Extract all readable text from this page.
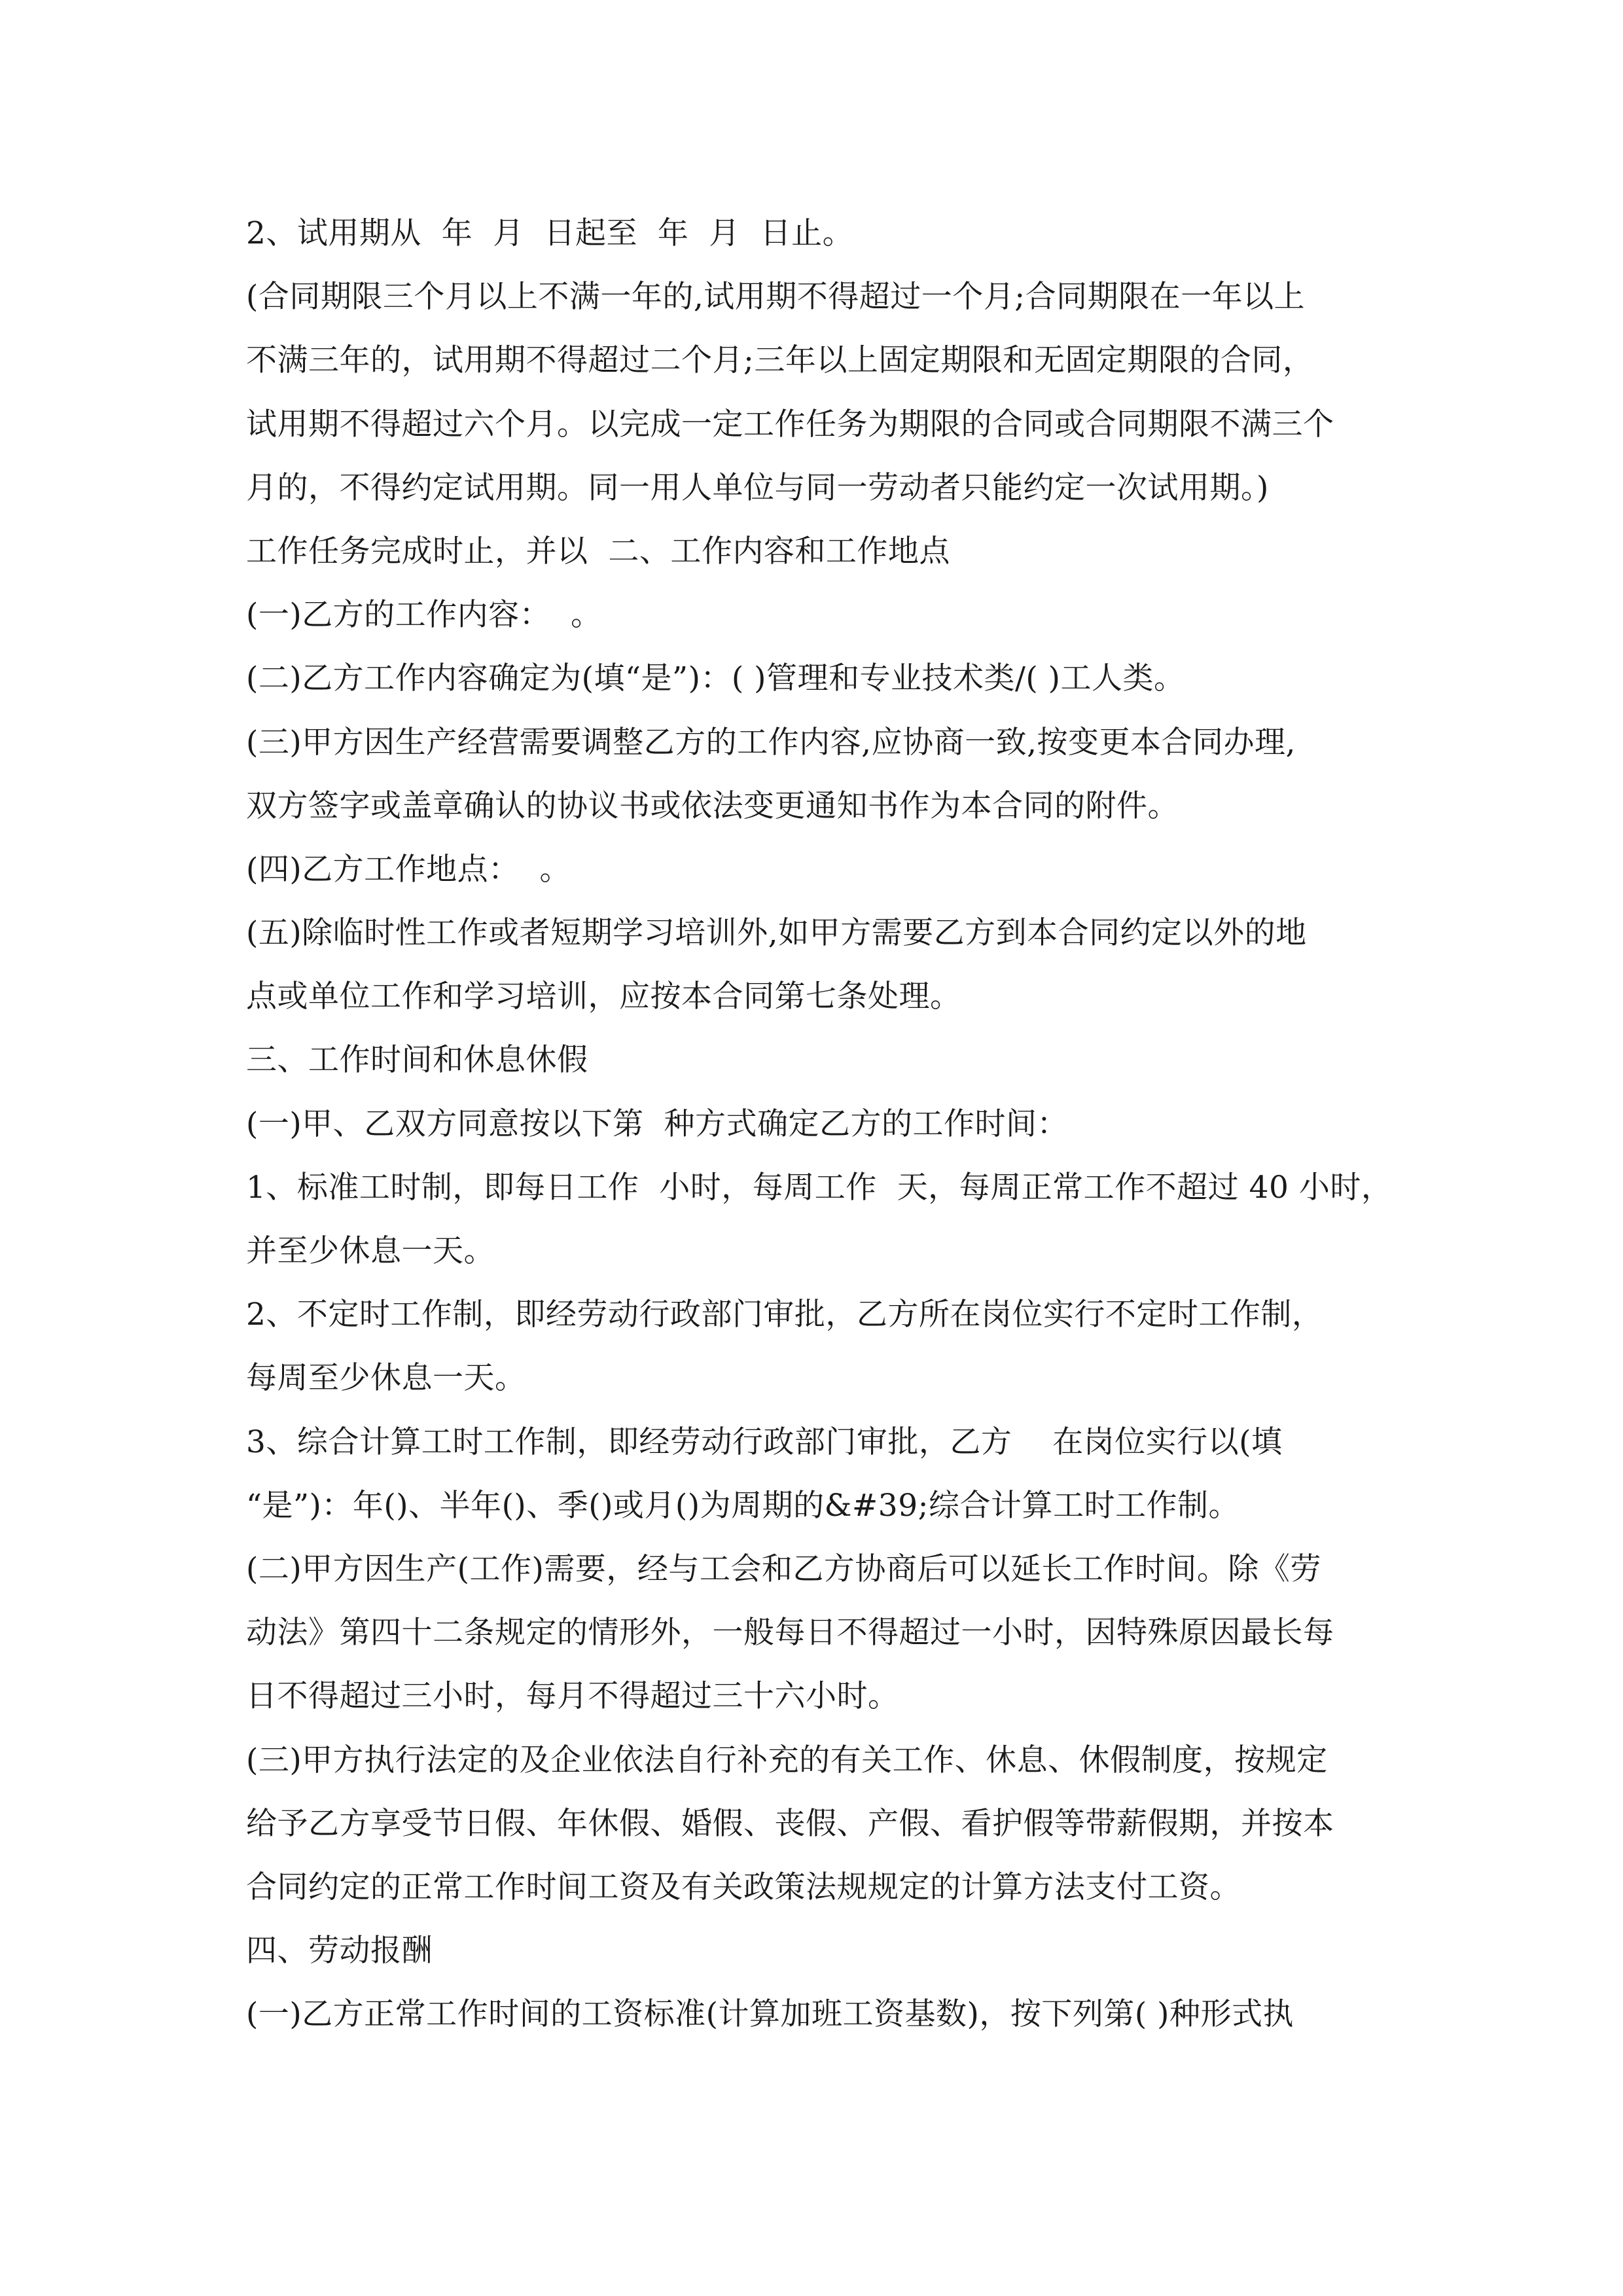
2、试用期从  年  月  日起至  年  月  日止。
(合同期限三个月以上不满一年的,试用期不得超过一个月;合同期限在一年以上
不满三年的，试用期不得超过二个月;三年以上固定期限和无固定期限的合同，
试用期不得超过六个月。以完成一定工作任务为期限的合同或合同期限不满三个
月的，不得约定试用期。同一用人单位与同一劳动者只能约定一次试用期。)
工作任务完成时止，并以  二、工作内容和工作地点
(一)乙方的工作内容：  。
(二)乙方工作内容确定为(填“是”)：( )管理和专业技术类/( )工人类。
(三)甲方因生产经营需要调整乙方的工作内容,应协商一致,按变更本合同办理,
双方签字或盖章确认的协议书或依法变更通知书作为本合同的附件。
(四)乙方工作地点：  。
(五)除临时性工作或者短期学习培训外,如甲方需要乙方到本合同约定以外的地
点或单位工作和学习培训，应按本合同第七条处理。
三、工作时间和休息休假
(一)甲、乙双方同意按以下第  种方式确定乙方的工作时间：
1、标准工时制，即每日工作  小时，每周工作  天，每周正常工作不超过 40 小时，
并至少休息一天。
2、不定时工作制，即经劳动行政部门审批，乙方所在岗位实行不定时工作制，
每周至少休息一天。
3、综合计算工时工作制，即经劳动行政部门审批，乙方    在岗位实行以(填
“是”)：年()、半年()、季()或月()为周期的&#39;综合计算工时工作制。
(二)甲方因生产(工作)需要，经与工会和乙方协商后可以延长工作时间。除《劳
动法》第四十二条规定的情形外，一般每日不得超过一小时，因特殊原因最长每
日不得超过三小时，每月不得超过三十六小时。
(三)甲方执行法定的及企业依法自行补充的有关工作、休息、休假制度，按规定
给予乙方享受节日假、年休假、婚假、丧假、产假、看护假等带薪假期，并按本
合同约定的正常工作时间工资及有关政策法规规定的计算方法支付工资。
四、劳动报酬
(一)乙方正常工作时间的工资标准(计算加班工资基数)，按下列第( )种形式执
